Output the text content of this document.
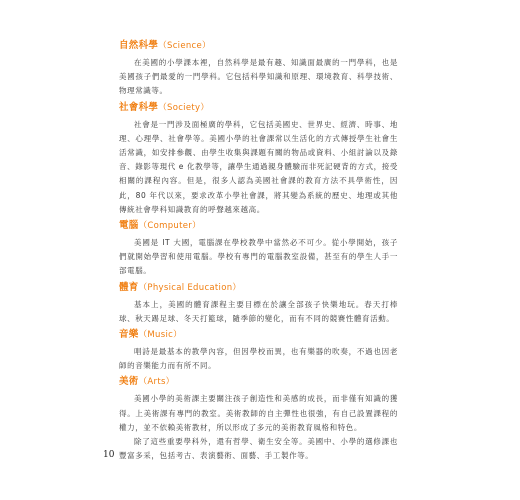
自然科學（Science）

在美國的小學課本裡，自然科學是最有趣、知識面最廣的一門學科，也是美國孩子們最愛的一門學科。它包括科學知識和原理、環境教育、科學技術、物理常識等。

社會科學（Society）

社會是一門涉及面極廣的學科，它包括美國史、世界史、經濟、時事、地理、心理學、社會學等。美國小學的社會課常以生活化的方式傳授學生社會生活常識，如安排參觀、由學生收集與課題有關的物品或資料、小組討論以及錄音、錄影等現代 e 化教學等，讓學生通過親身體驗而非死記硬背的方式，接受相關的課程內容。但是，很多人認為美國社會課的教育方法不具學術性，因此，80 年代以來，要求改革小學社會課，將其變為系統的歷史、地理或其他傳統社會學科知識教育的呼聲越來越高。

電腦（Computer）

美國是 IT 大國，電腦課在學校教學中當然必不可少。從小學開始，孩子們就開始學習和使用電腦。學校有專門的電腦教室設備，甚至有的學生人手一部電腦。

體育（Physical Education）

基本上，美國的體育課程主要目標在於讓全部孩子快樂地玩。春天打棒球、秋天踢足球、冬天打籃球，隨季節的變化，而有不同的競賽性體育活動。

音樂（Music）

唱詩是最基本的教學內容，但因學校而異，也有樂器的吹奏，不過也因老師的音樂能力而有所不同。

美術（Arts）

美國小學的美術課主要關注孩子創造性和美感的成長，而非僅有知識的獲得。上美術課有專門的教室。美術教師的自主彈性也很強，有自己設置課程的權力，並不依賴美術教材，所以形成了多元的美術教育風格和特色。

除了這些重要學科外，還有哲學、衛生安全等。美國中、小學的選修課也豐富多采，包括考古、表演藝術、面藝、手工製作等。

10
